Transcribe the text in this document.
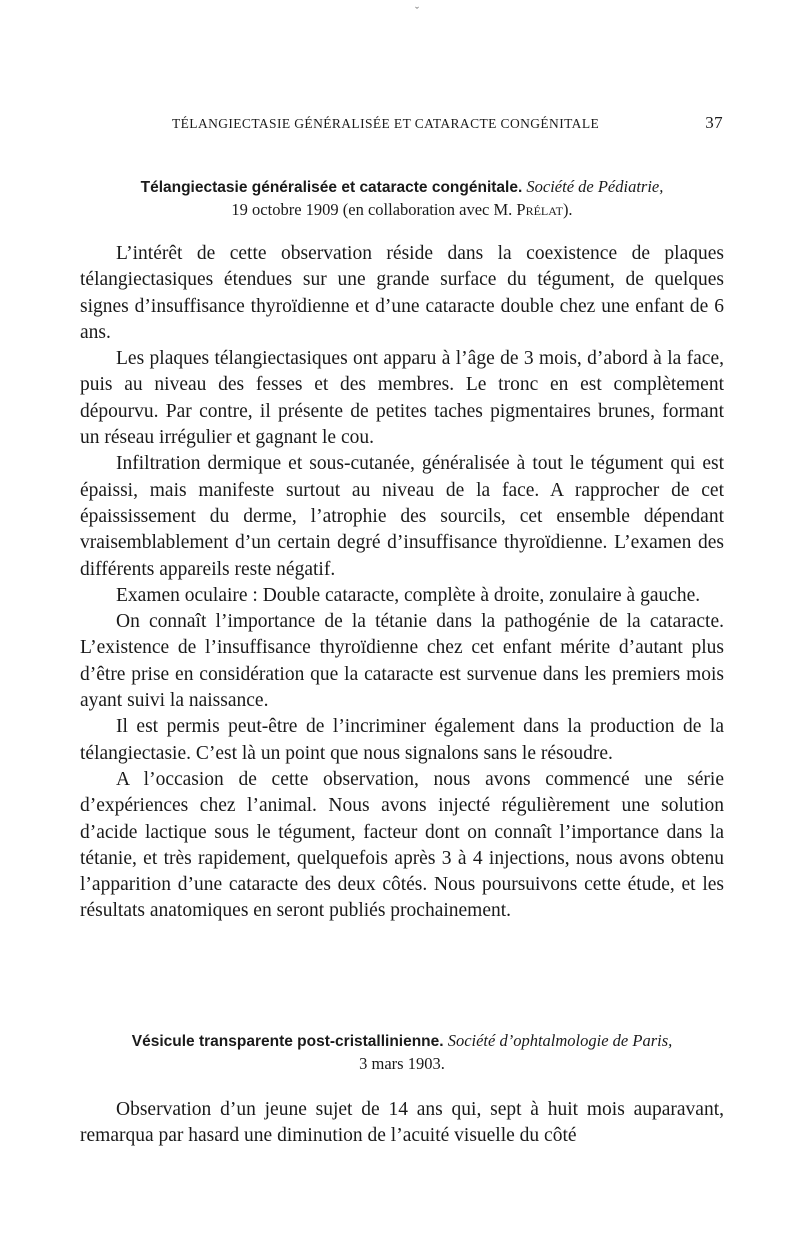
ˇ
TÉLANGIECTASIE GÉNÉRALISÉE ET CATARACTE CONGÉNITALE	37
Télangiectasie généralisée et cataracte congénitale. Société de Pédiatrie,
19 octobre 1909 (en collaboration avec M. Prélat).

L’intérêt de cette observation réside dans la coexistence de plaques télangiectasiques étendues sur une grande surface du tégument, de quelques signes d’insuffisance thyroïdienne et d’une cataracte double chez une enfant de 6 ans.

Les plaques télangiectasiques ont apparu à l’âge de 3 mois, d’abord à la face, puis au niveau des fesses et des membres. Le tronc en est complètement dépourvu. Par contre, il présente de petites taches pigmentaires brunes, formant un réseau irrégulier et gagnant le cou.

Infiltration dermique et sous-cutanée, généralisée à tout le tégument qui est épaissi, mais manifeste surtout au niveau de la face. A rapprocher de cet épaississement du derme, l’atrophie des sourcils, cet ensemble dépendant vraisemblablement d’un certain degré d’insuffisance thyroïdienne. L’examen des différents appareils reste négatif.

Examen oculaire : Double cataracte, complète à droite, zonulaire à gauche.

On connaît l’importance de la tétanie dans la pathogénie de la cataracte. L’existence de l’insuffisance thyroïdienne chez cet enfant mérite d’autant plus d’être prise en considération que la cataracte est survenue dans les premiers mois ayant suivi la naissance.

Il est permis peut-être de l’incriminer également dans la production de la télangiectasie. C’est là un point que nous signalons sans le résoudre.

A l’occasion de cette observation, nous avons commencé une série d’expériences chez l’animal. Nous avons injecté régulièrement une solution d’acide lactique sous le tégument, facteur dont on connaît l’importance dans la tétanie, et très rapidement, quelquefois après 3 à 4 injections, nous avons obtenu l’apparition d’une cataracte des deux côtés. Nous poursuivons cette étude, et les résultats anatomiques en seront publiés prochainement.

Vésicule transparente post-cristallinienne. Société d’ophtalmologie de Paris,
3 mars 1903.

Observation d’un jeune sujet de 14 ans qui, sept à huit mois auparavant, remarqua par hasard une diminution de l’acuité visuelle du côté
